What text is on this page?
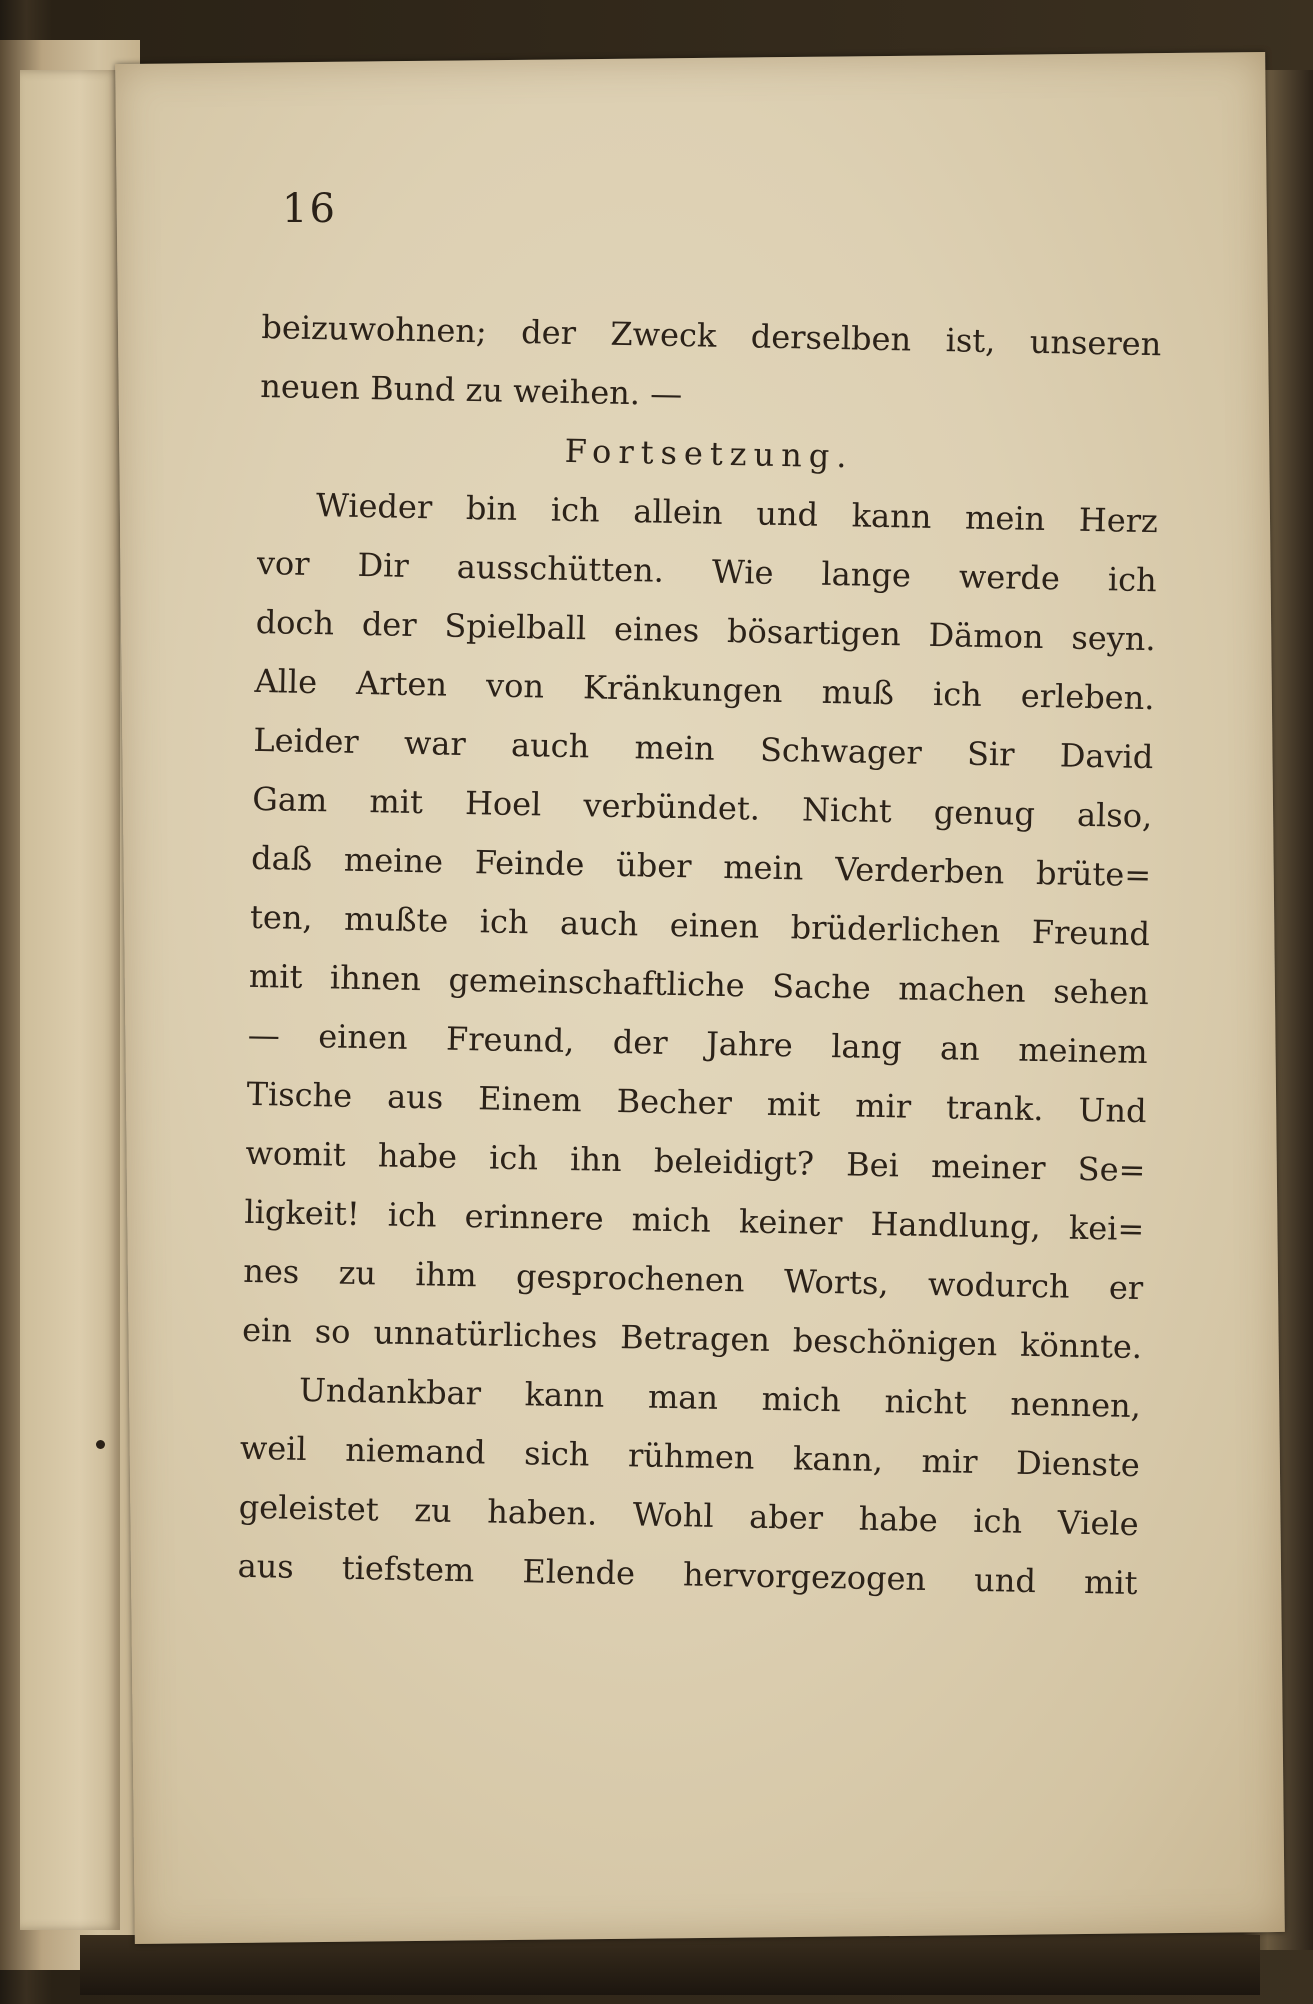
16
beizuwohnen; der Zweck derselben ist, unseren
neuen Bund zu weihen. —
Fortsetzung.
Wieder bin ich allein und kann mein Herz
vor Dir ausschütten. Wie lange werde ich
doch der Spielball eines bösartigen Dämon seyn.
Alle Arten von Kränkungen muß ich erleben.
Leider war auch mein Schwager Sir David
Gam mit Hoel verbündet. Nicht genug also,
daß meine Feinde über mein Verderben brüte=
ten, mußte ich auch einen brüderlichen Freund
mit ihnen gemeinschaftliche Sache machen sehen
— einen Freund, der Jahre lang an meinem
Tische aus Einem Becher mit mir trank. Und
womit habe ich ihn beleidigt? Bei meiner Se=
ligkeit! ich erinnere mich keiner Handlung, kei=
nes zu ihm gesprochenen Worts, wodurch er
ein so unnatürliches Betragen beschönigen könnte.
Undankbar kann man mich nicht nennen,
weil niemand sich rühmen kann, mir Dienste
geleistet zu haben. Wohl aber habe ich Viele
aus tiefstem Elende hervorgezogen und mit
